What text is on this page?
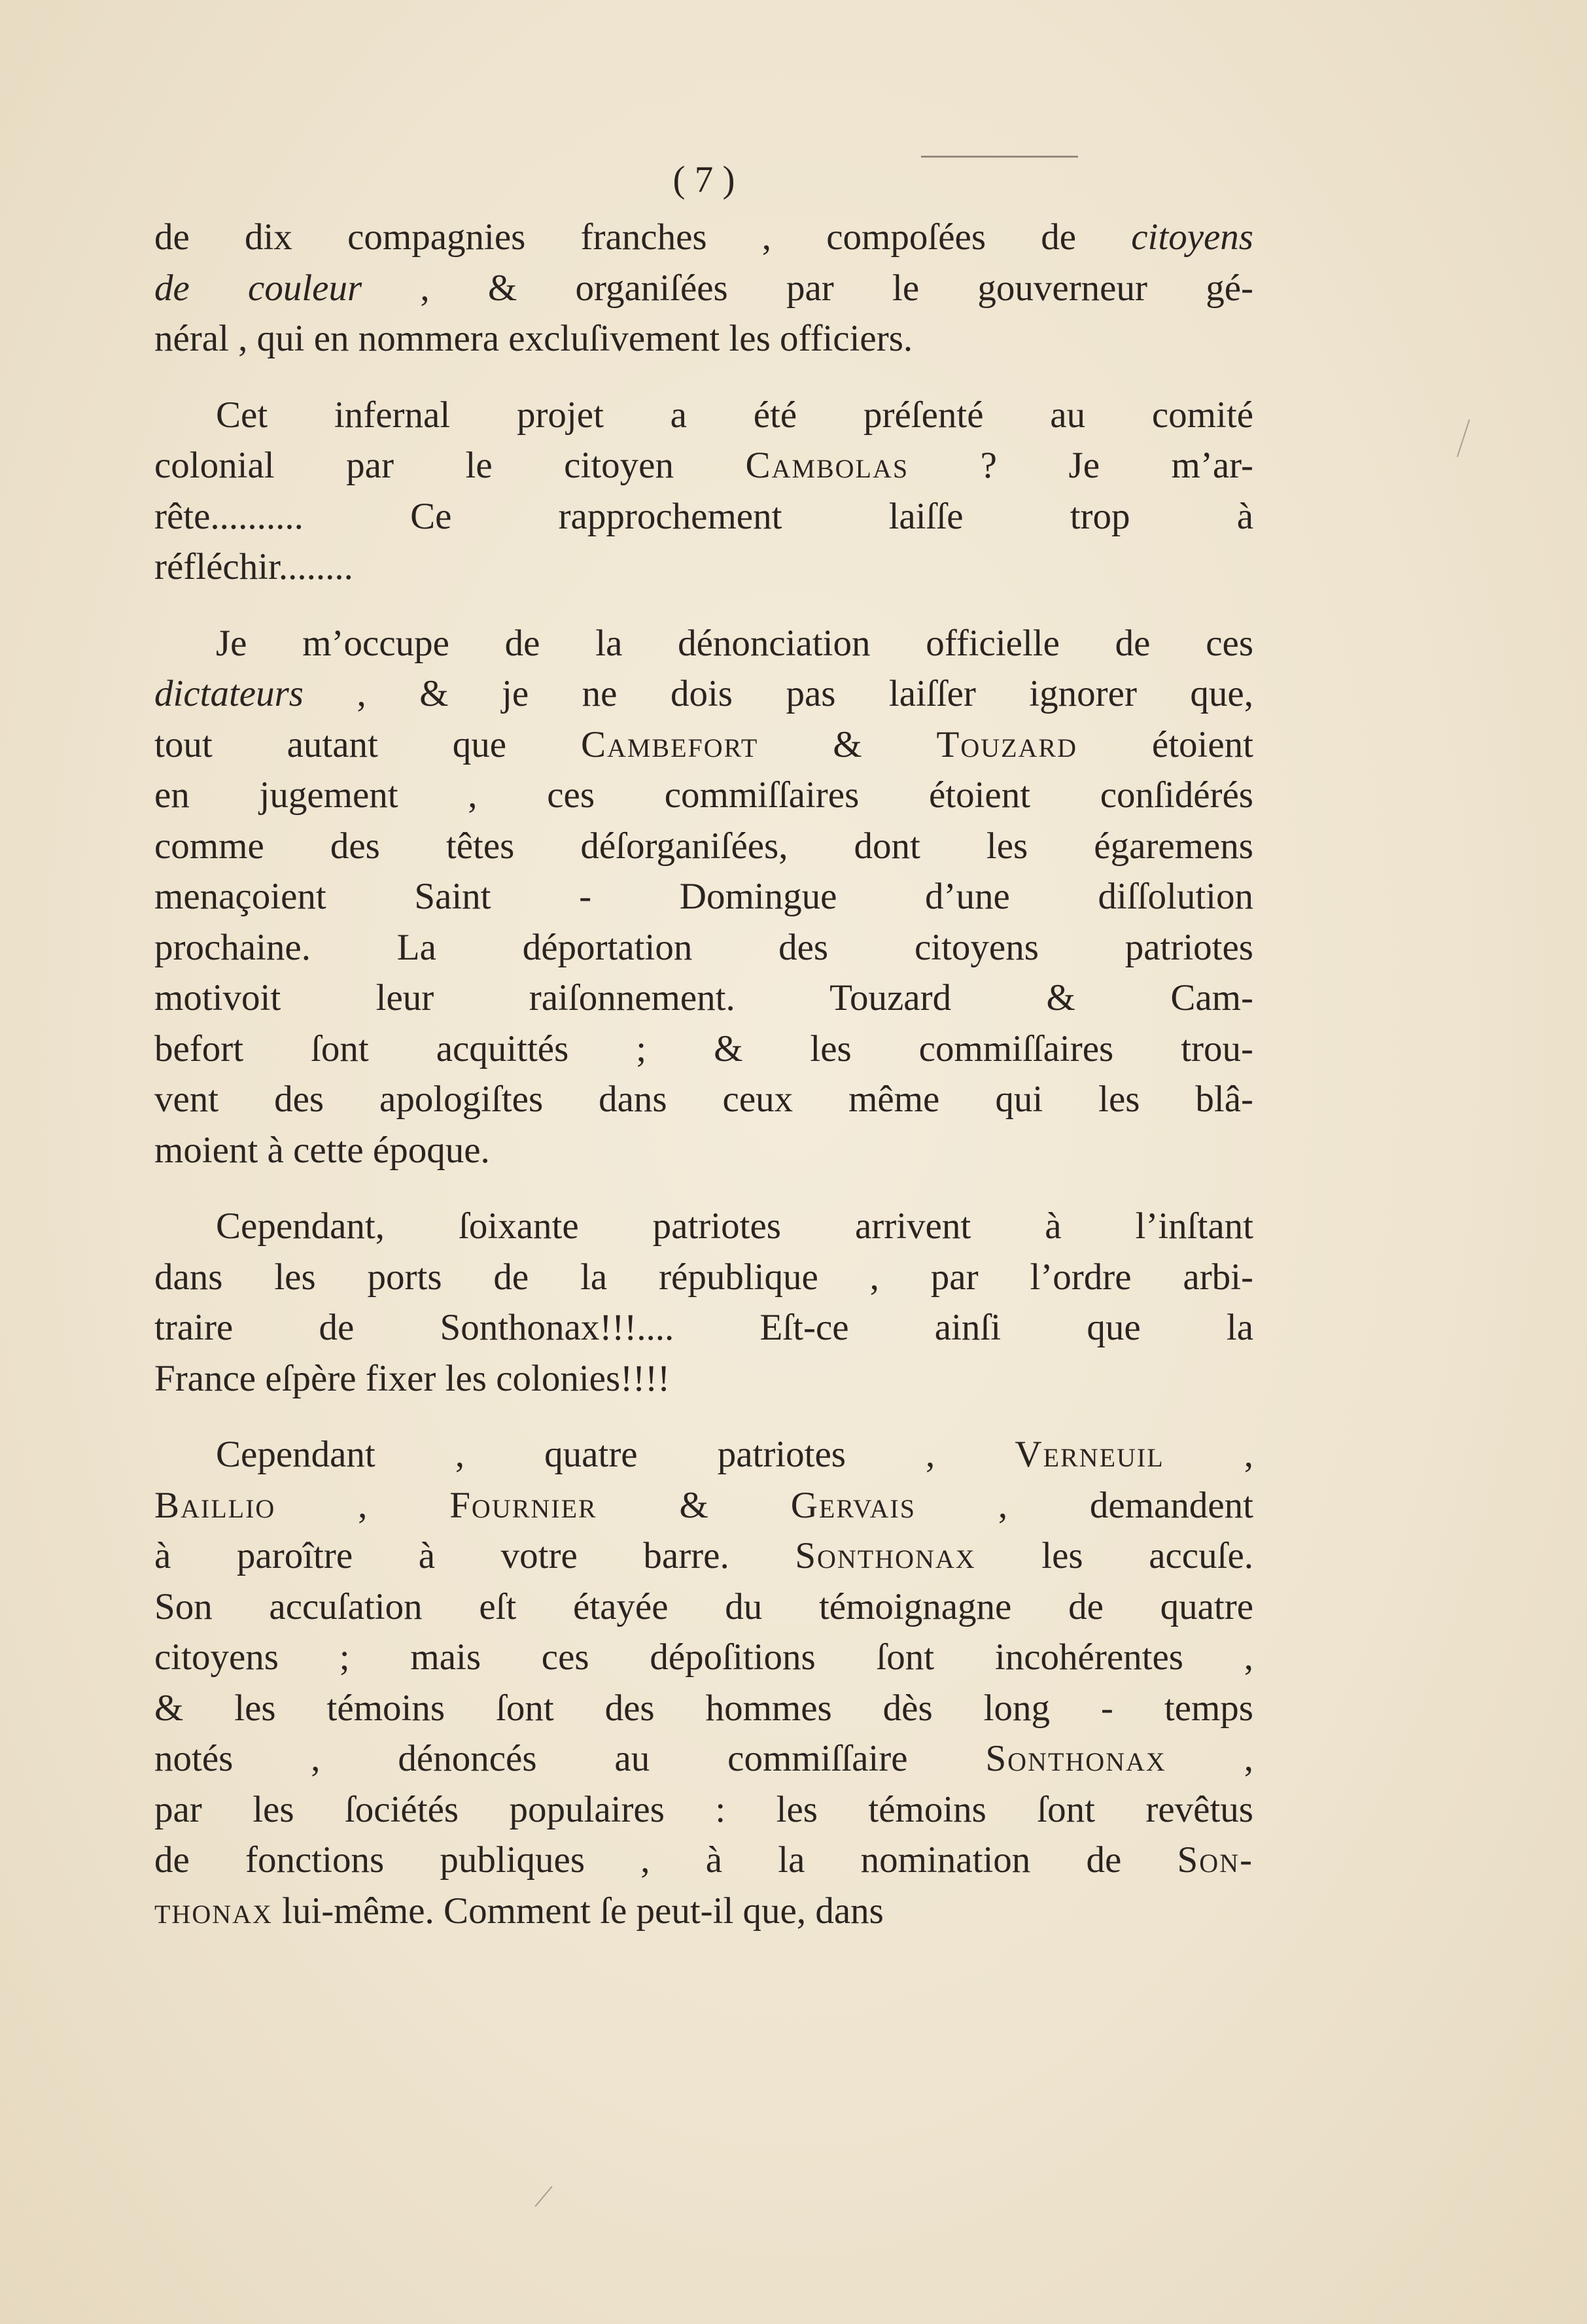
( 7 )
de dix compagnies franches , compoſées de citoyens
de couleur , & organiſées par le gouverneur gé-
néral , qui en nommera excluſivement les officiers.
Cet infernal projet a été préſenté au comité
colonial par le citoyen Cambolas ? Je m’ar-
rête.......... Ce rapprochement laiſſe trop à
réfléchir........
Je m’occupe de la dénonciation officielle de ces
dictateurs , & je ne dois pas laiſſer ignorer que,
tout autant que Cambefort & Touzard étoient
en jugement , ces commiſſaires étoient conſidérés
comme des têtes déſorganiſées, dont les égaremens
menaçoient Saint - Domingue d’une diſſolution
prochaine. La déportation des citoyens patriotes
motivoit leur raiſonnement. Touzard & Cam-
befort ſont acquittés ; & les commiſſaires trou-
vent des apologiſtes dans ceux même qui les blâ-
moient à cette époque.
Cependant, ſoixante patriotes arrivent à l’inſtant
dans les ports de la république , par l’ordre arbi-
traire de Sonthonax!!!.... Eſt-ce ainſi que la
France eſpère fixer les colonies!!!!
Cependant , quatre patriotes , Verneuil ,
Baillio , Fournier & Gervais , demandent
à paroître à votre barre. Sonthonax les accuſe.
Son accuſation eſt étayée du témoignagne de quatre
citoyens ; mais ces dépoſitions ſont incohérentes ,
& les témoins ſont des hommes dès long - temps
notés , dénoncés au commiſſaire Sonthonax ,
par les ſociétés populaires : les témoins ſont revêtus
de fonctions publiques , à la nomination de Son-
thonax lui-même. Comment ſe peut-il que, dans
